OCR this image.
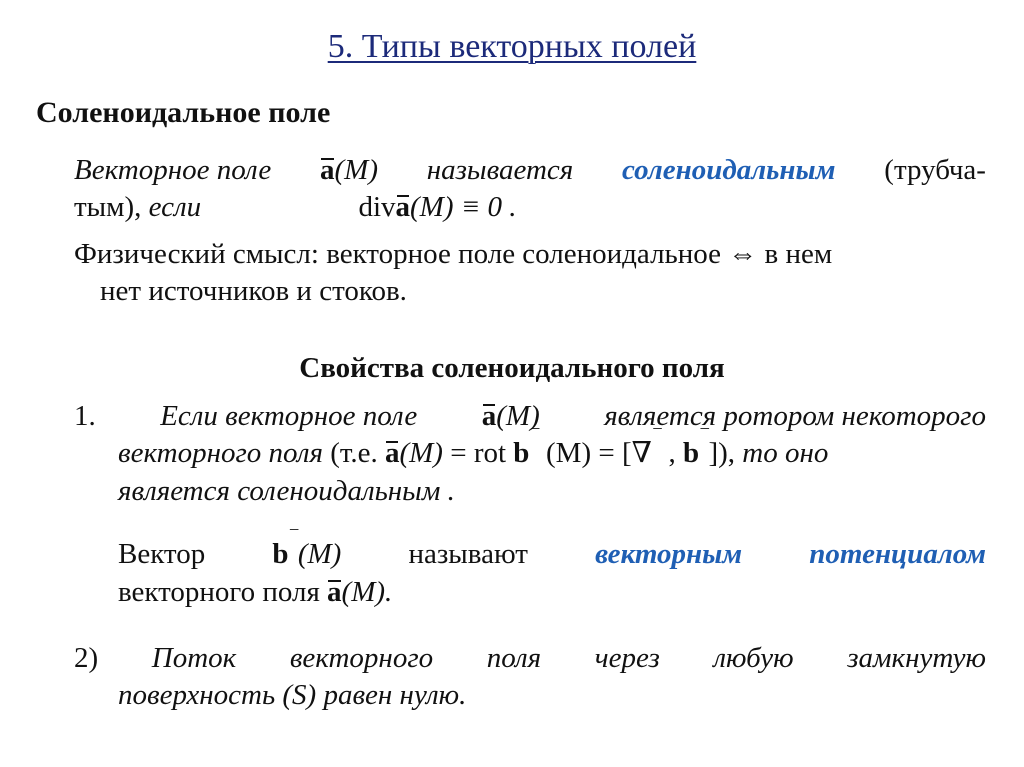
5. Типы векторных полей
Соленоидальное поле
Векторное поле a(M) называется соленоидальным (трубча-
тым), если	diva(M) ≡ 0 .
Физический смысл: векторное поле соленоидальное ⇔ в нем
нет источников и стоков.
Свойства соленоидального поля
1. Если векторное поле a(M) является ротором некоторого
векторного поля (т.е. a(M) = rot b‾ (M) = [∇‾ , b‾]), то оно
является соленоидальным .
Вектор b‾(M) называют векторным потенциалом
векторного поля a(M).
2) Поток векторного поля через любую замкнутую
поверхность (S) равен нулю.
